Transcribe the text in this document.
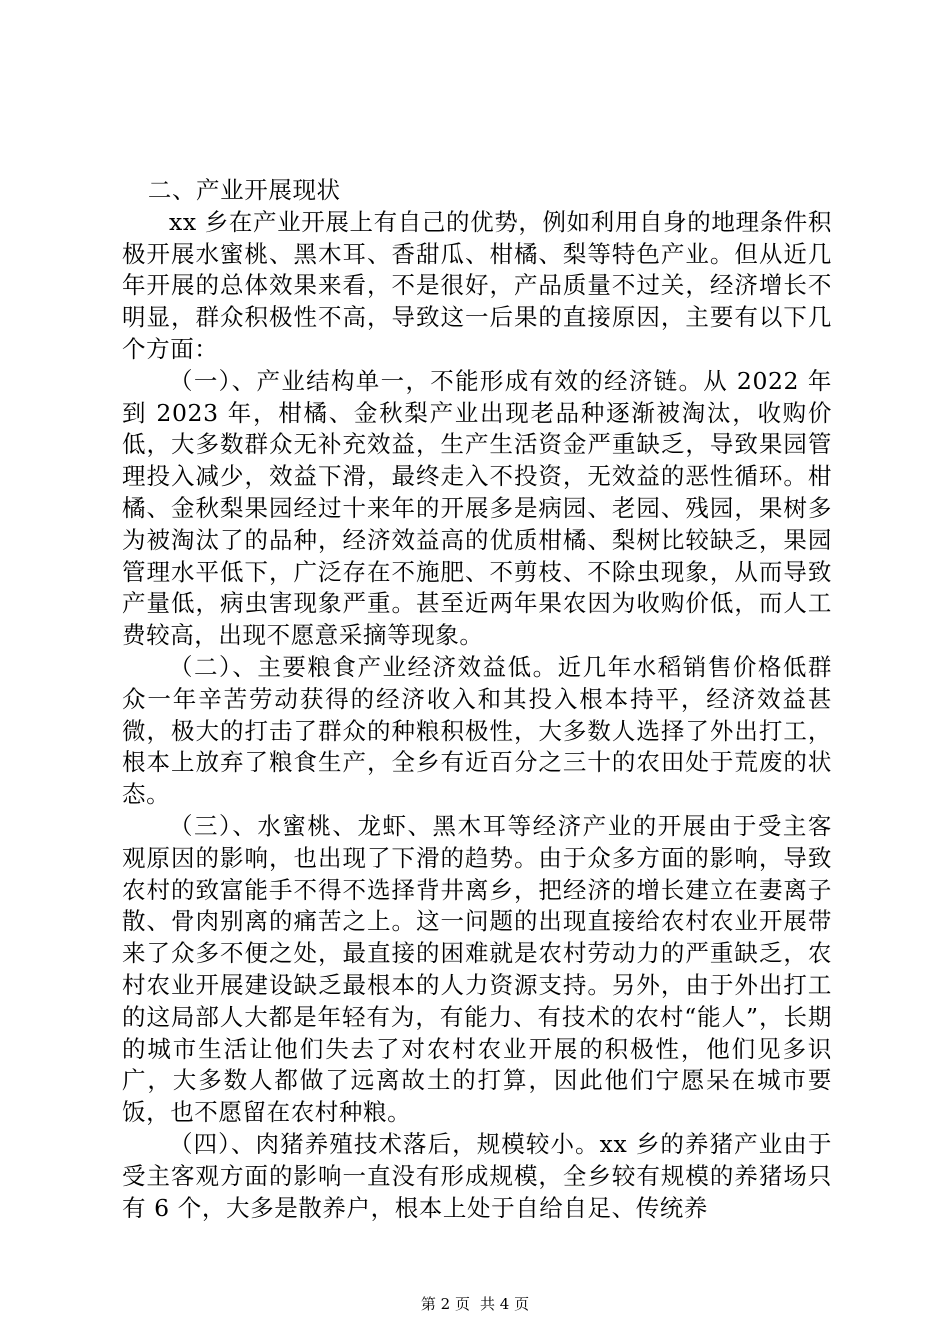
二、产业开展现状

xx 乡在产业开展上有自己的优势，例如利用自身的地理条件积极开展水蜜桃、黑木耳、香甜瓜、柑橘、梨等特色产业。但从近几年开展的总体效果来看，不是很好，产品质量不过关，经济增长不明显，群众积极性不高，导致这一后果的直接原因，主要有以下几个方面：

（一）、产业结构单一，不能形成有效的经济链。从 2022 年到 2023 年，柑橘、金秋梨产业出现老品种逐渐被淘汰，收购价低，大多数群众无补充效益，生产生活资金严重缺乏，导致果园管理投入减少，效益下滑，最终走入不投资，无效益的恶性循环。柑橘、金秋梨果园经过十来年的开展多是病园、老园、残园，果树多为被淘汰了的品种，经济效益高的优质柑橘、梨树比较缺乏，果园管理水平低下，广泛存在不施肥、不剪枝、不除虫现象，从而导致产量低，病虫害现象严重。甚至近两年果农因为收购价低，而人工费较高，出现不愿意采摘等现象。

（二）、主要粮食产业经济效益低。近几年水稻销售价格低群众一年辛苦劳动获得的经济收入和其投入根本持平，经济效益甚微，极大的打击了群众的种粮积极性，大多数人选择了外出打工，根本上放弃了粮食生产，全乡有近百分之三十的农田处于荒废的状态。

（三）、水蜜桃、龙虾、黑木耳等经济产业的开展由于受主客观原因的影响，也出现了下滑的趋势。由于众多方面的影响，导致农村的致富能手不得不选择背井离乡，把经济的增长建立在妻离子散、骨肉别离的痛苦之上。这一问题的出现直接给农村农业开展带来了众多不便之处，最直接的困难就是农村劳动力的严重缺乏，农村农业开展建设缺乏最根本的人力资源支持。另外，由于外出打工的这局部人大都是年轻有为，有能力、有技术的农村“能人”，长期的城市生活让他们失去了对农村农业开展的积极性，他们见多识广，大多数人都做了远离故土的打算，因此他们宁愿呆在城市要饭，也不愿留在农村种粮。

（四）、肉猪养殖技术落后，规模较小。xx 乡的养猪产业由于受主客观方面的影响一直没有形成规模，全乡较有规模的养猪场只有 6 个，大多是散养户，根本上处于自给自足、传统养

第 2 页 共 4 页
